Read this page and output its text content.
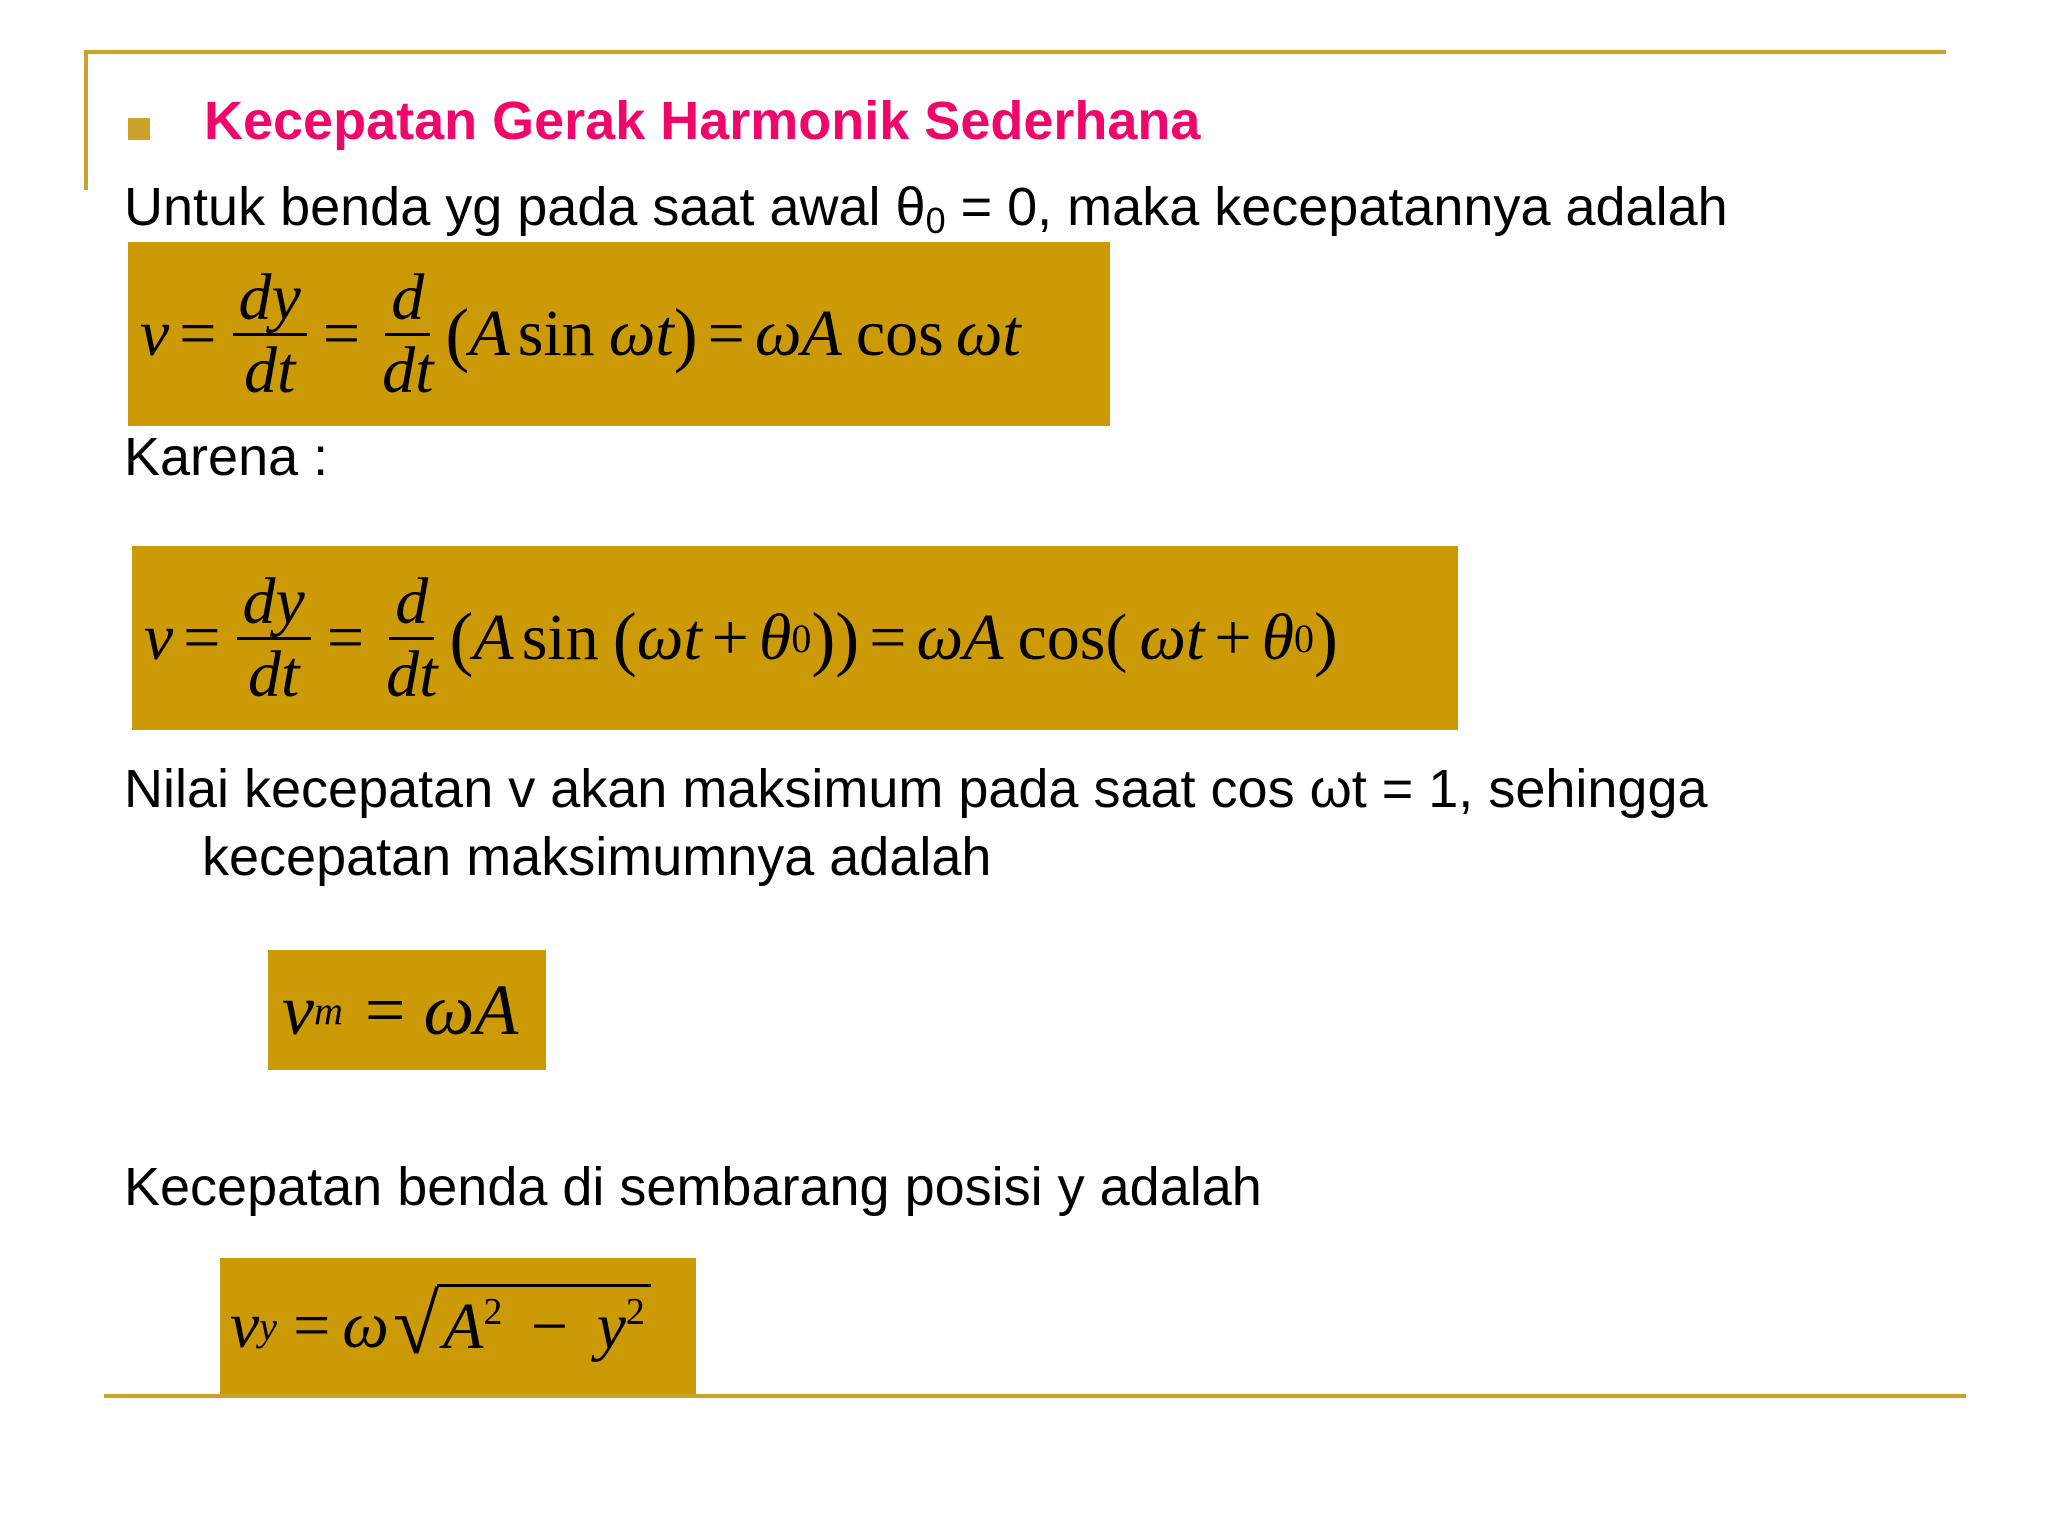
Kecepatan Gerak Harmonik Sederhana
Untuk benda yg pada saat awal $\theta_0 = 0$, maka kecepatannya adalah
$v = \frac{dy}{dt} = \frac{d}{dt}$ ( A sin ωt ) = ωA cos ωt
Karena :
$v = \frac{dy}{dt} = \frac{d}{dt}$ ( A sin ( ωt + θ 0 )) = ωA cos( ωt + θ 0 )
Nilai kecepatan v akan maksimum pada saat cos ωt = 1, sehingga
kecepatan maksimumnya adalah
v m = ωA
Kecepatan benda di sembarang posisi y adalah
v y = ω √ $A^2 - y^2$
